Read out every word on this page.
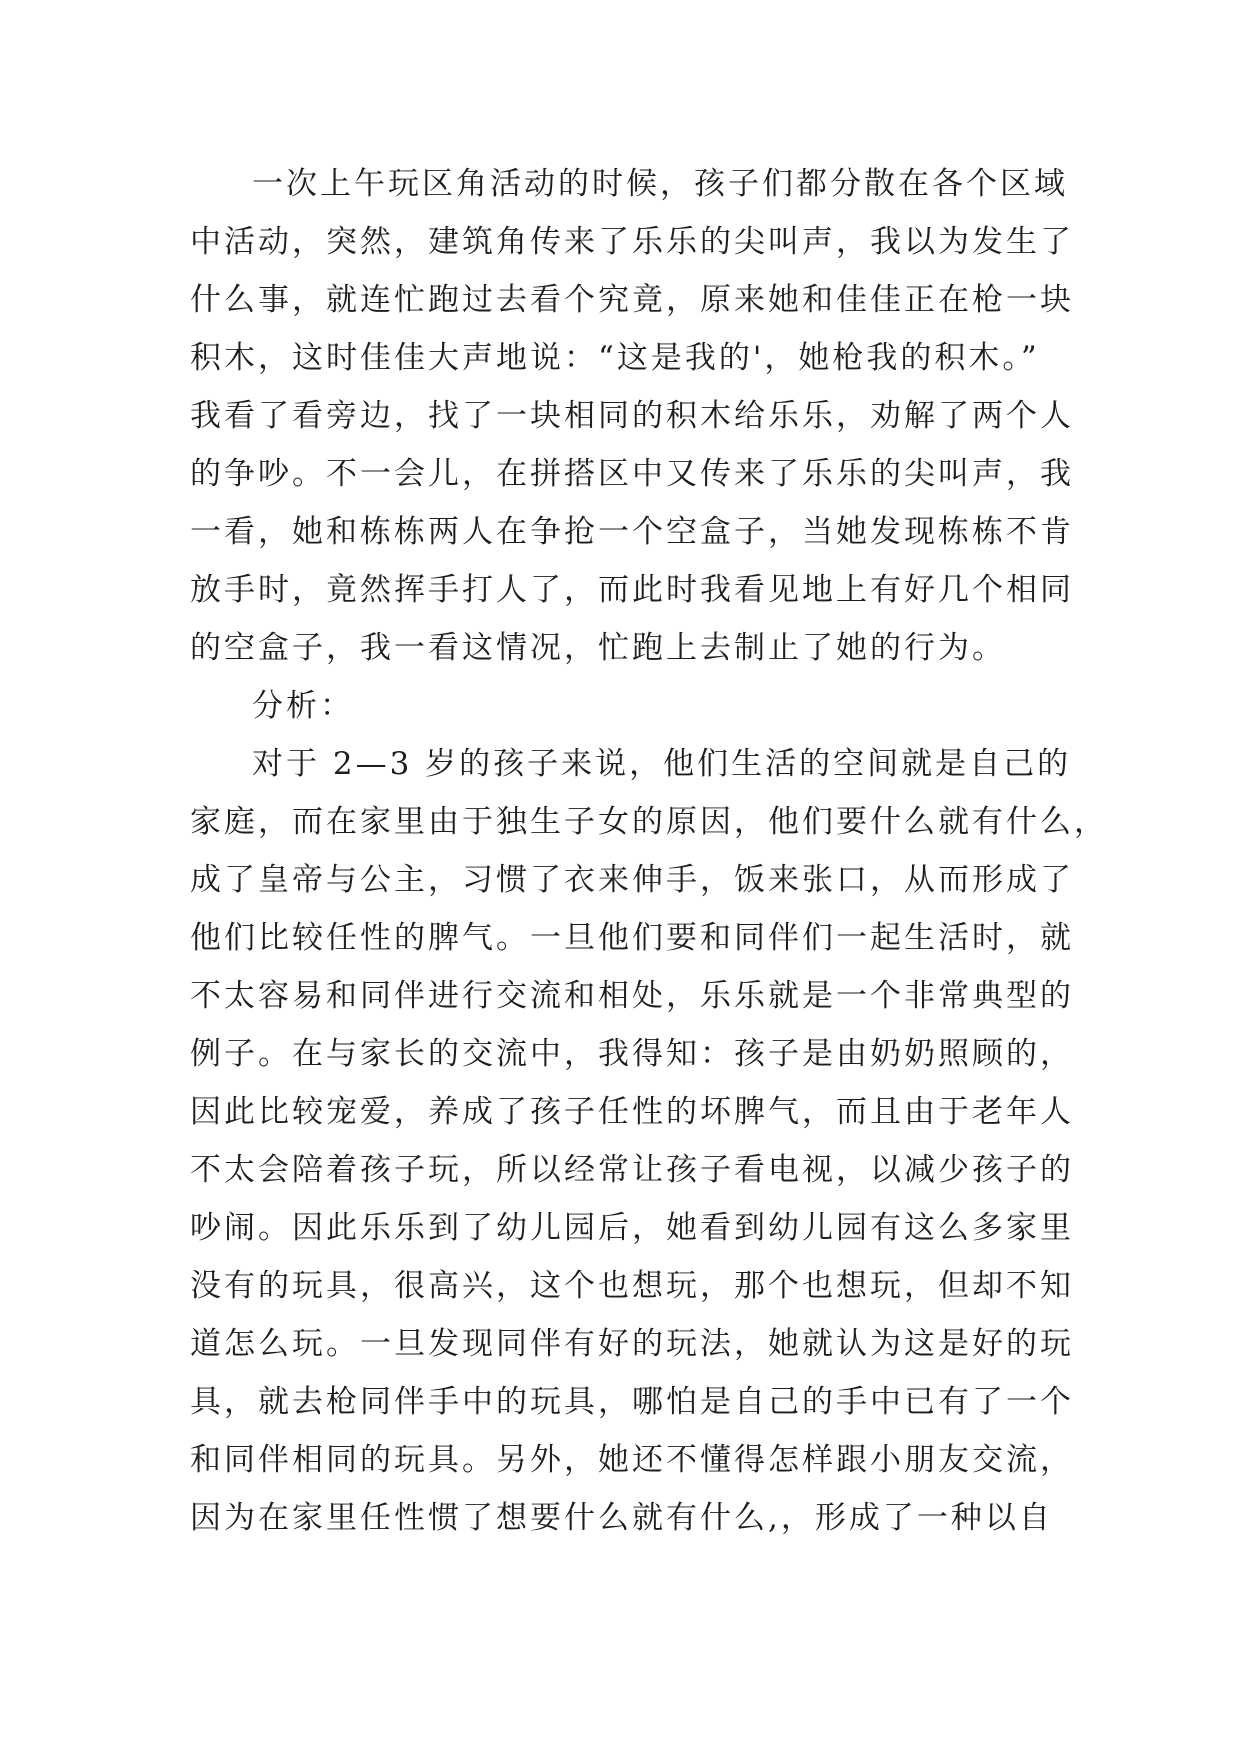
一次上午玩区角活动的时候，孩子们都分散在各个区域
中活动，突然，建筑角传来了乐乐的尖叫声，我以为发生了
什么事，就连忙跑过去看个究竟，原来她和佳佳正在枪一块
积木，这时佳佳大声地说：“这是我的'，她枪我的积木。”
我看了看旁边，找了一块相同的积木给乐乐，劝解了两个人
的争吵。不一会儿，在拼搭区中又传来了乐乐的尖叫声，我
一看，她和栋栋两人在争抢一个空盒子，当她发现栋栋不肯
放手时，竟然挥手打人了，而此时我看见地上有好几个相同
的空盒子，我一看这情况，忙跑上去制止了她的行为。
分析：
对于 2—3 岁的孩子来说，他们生活的空间就是自己的
家庭，而在家里由于独生子女的原因，他们要什么就有什么，
成了皇帝与公主，习惯了衣来伸手，饭来张口，从而形成了
他们比较任性的脾气。一旦他们要和同伴们一起生活时，就
不太容易和同伴进行交流和相处，乐乐就是一个非常典型的
例子。在与家长的交流中，我得知：孩子是由奶奶照顾的，
因此比较宠爱，养成了孩子任性的坏脾气，而且由于老年人
不太会陪着孩子玩，所以经常让孩子看电视，以减少孩子的
吵闹。因此乐乐到了幼儿园后，她看到幼儿园有这么多家里
没有的玩具，很高兴，这个也想玩，那个也想玩，但却不知
道怎么玩。一旦发现同伴有好的玩法，她就认为这是好的玩
具，就去枪同伴手中的玩具，哪怕是自己的手中已有了一个
和同伴相同的玩具。另外，她还不懂得怎样跟小朋友交流，
因为在家里任性惯了想要什么就有什么,，形成了一种以自
